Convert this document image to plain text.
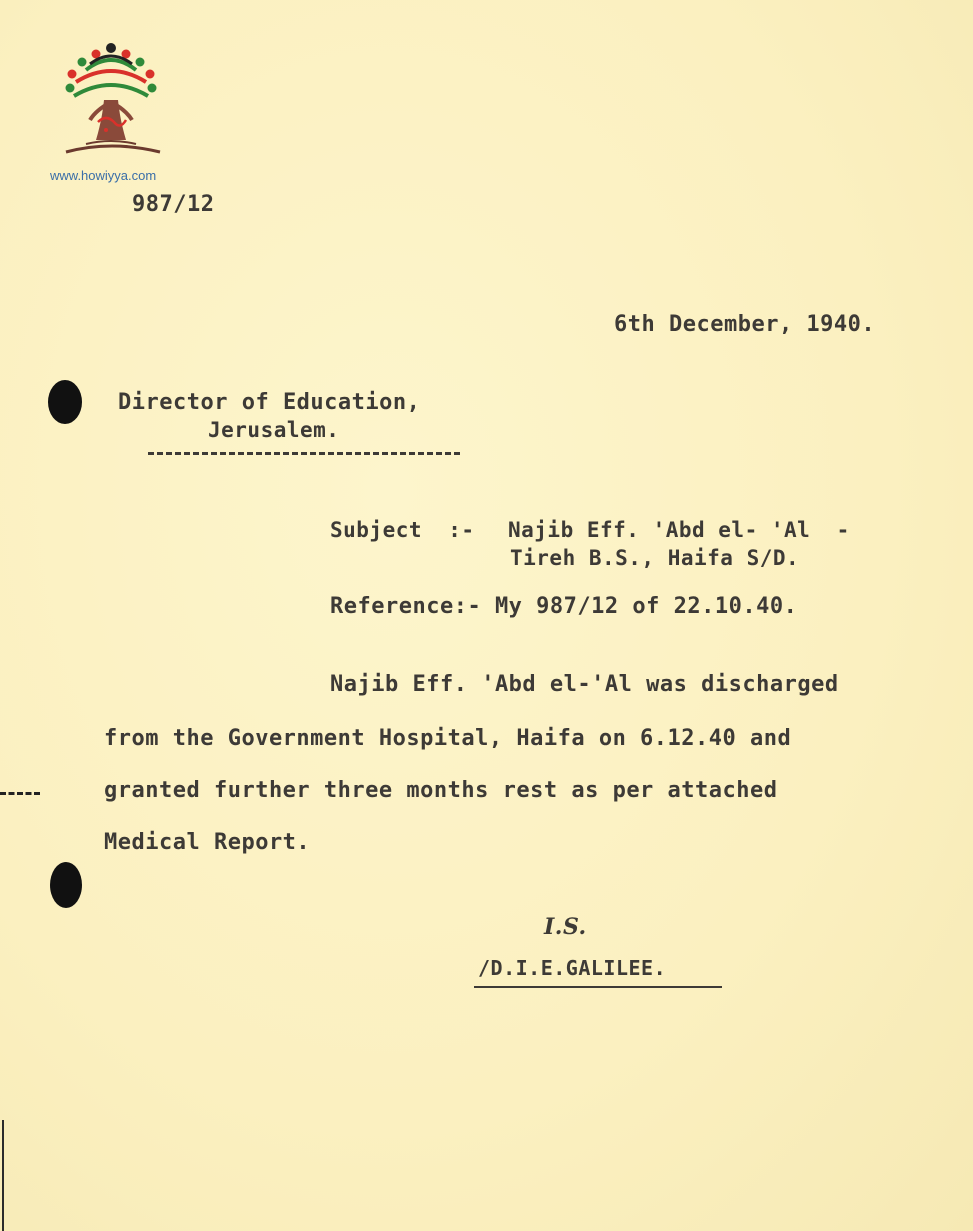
www.howiyya.com
987/12
6th December, 1940.
Director of Education,
Jerusalem.
Subject  :- Najib Eff. 'Abd el- 'Al  -
Tireh B.S., Haifa S/D.
Reference:- My 987/12 of 22.10.40.
Najib Eff. 'Abd el-'Al was discharged
from the Government Hospital, Haifa on 6.12.40 and
granted further three months rest as per attached
Medical Report.
I.S.
/D.I.E.GALILEE.
